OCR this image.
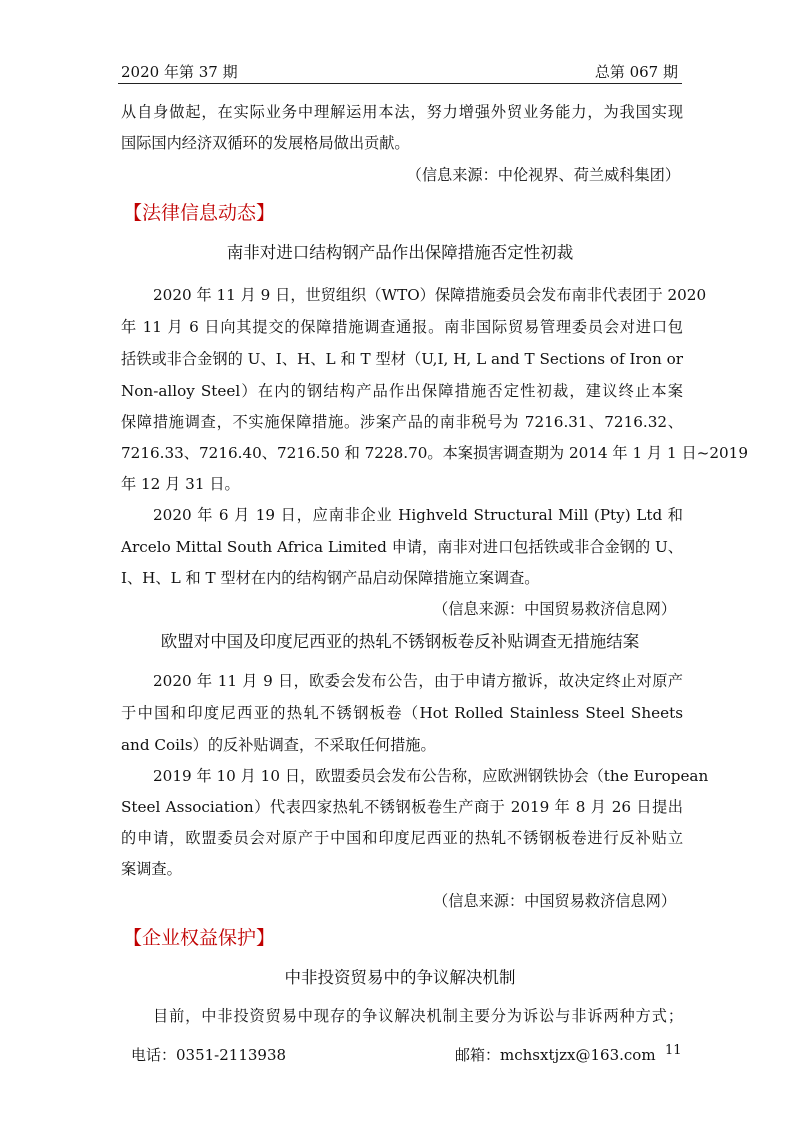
2020 年第 37 期	总第 067 期
从自身做起，在实际业务中理解运用本法，努力增强外贸业务能力，为我国实现
国际国内经济双循环的发展格局做出贡献。
（信息来源：中伦视界、荷兰威科集团）
【法律信息动态】
南非对进口结构钢产品作出保障措施否定性初裁
2020 年 11 月 9 日，世贸组织（WTO）保障措施委员会发布南非代表团于 2020
年 11 月 6 日向其提交的保障措施调查通报。南非国际贸易管理委员会对进口包
括铁或非合金钢的 U、I、H、L 和 T 型材（U,I, H, L and T Sections of Iron or
Non-alloy Steel）在内的钢结构产品作出保障措施否定性初裁，建议终止本案
保障措施调查，不实施保障措施。涉案产品的南非税号为 7216.31、7216.32、
7216.33、7216.40、7216.50 和 7228.70。本案损害调查期为 2014 年 1 月 1 日~2019
年 12 月 31 日。
2020 年 6 月 19 日，应南非企业 Highveld Structural Mill (Pty) Ltd 和
Arcelo Mittal South Africa Limited 申请，南非对进口包括铁或非合金钢的 U、
I、H、L 和 T 型材在内的结构钢产品启动保障措施立案调查。
（信息来源：中国贸易救济信息网）
欧盟对中国及印度尼西亚的热轧不锈钢板卷反补贴调查无措施结案
2020 年 11 月 9 日，欧委会发布公告，由于申请方撤诉，故决定终止对原产
于中国和印度尼西亚的热轧不锈钢板卷（Hot Rolled Stainless Steel Sheets
and Coils）的反补贴调查，不采取任何措施。
2019 年 10 月 10 日，欧盟委员会发布公告称，应欧洲钢铁协会（the European
Steel Association）代表四家热轧不锈钢板卷生产商于 2019 年 8 月 26 日提出
的申请，欧盟委员会对原产于中国和印度尼西亚的热轧不锈钢板卷进行反补贴立
案调查。
（信息来源：中国贸易救济信息网）
【企业权益保护】
中非投资贸易中的争议解决机制
目前，中非投资贸易中现存的争议解决机制主要分为诉讼与非诉两种方式；
电话：0351-2113938	邮箱：mchsxtjzx@163.com 11
